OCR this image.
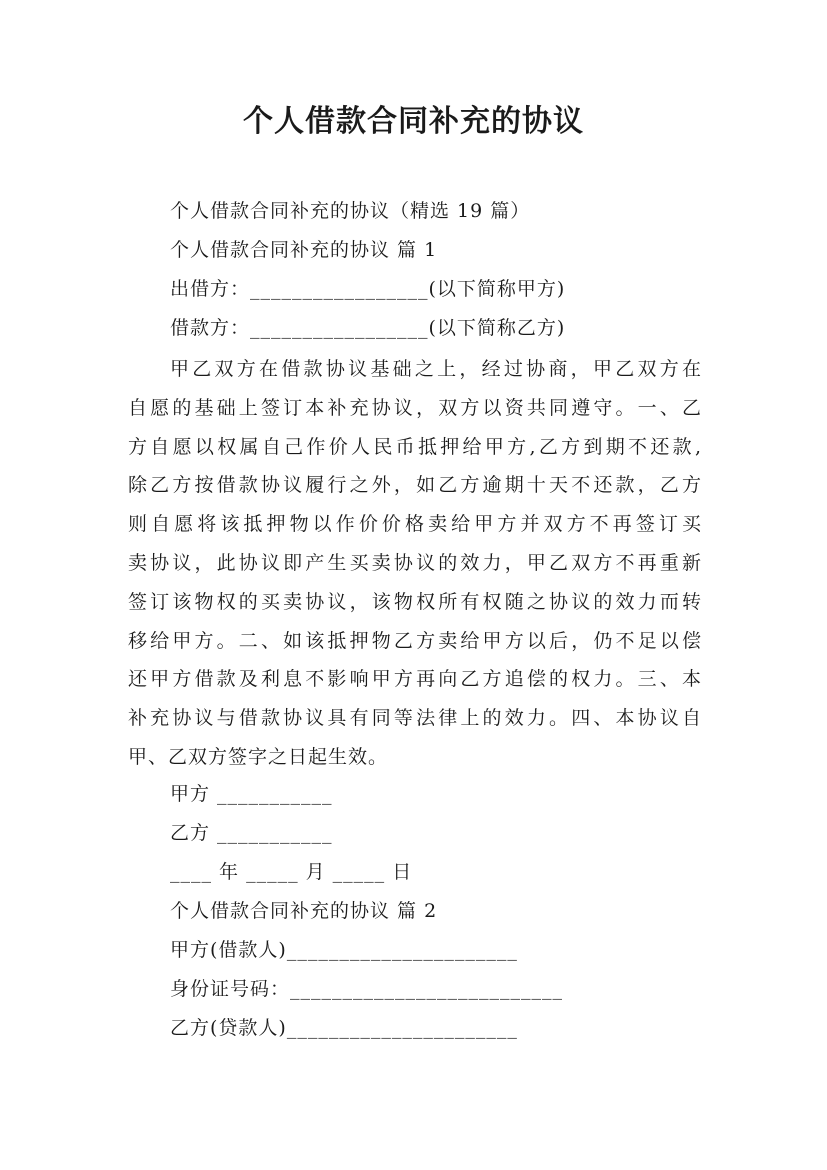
个人借款合同补充的协议
个人借款合同补充的协议（精选 19 篇）
个人借款合同补充的协议 篇 1
出借方：_________________(以下简称甲方)
借款方：_________________(以下简称乙方)
甲乙双方在借款协议基础之上，经过协商，甲乙双方在
自愿的基础上签订本补充协议，双方以资共同遵守。一、乙
方自愿以权属自己作价人民币抵押给甲方,乙方到期不还款,
除乙方按借款协议履行之外，如乙方逾期十天不还款，乙方
则自愿将该抵押物以作价价格卖给甲方并双方不再签订买
卖协议，此协议即产生买卖协议的效力，甲乙双方不再重新
签订该物权的买卖协议，该物权所有权随之协议的效力而转
移给甲方。二、如该抵押物乙方卖给甲方以后，仍不足以偿
还甲方借款及利息不影响甲方再向乙方追偿的权力。三、本
补充协议与借款协议具有同等法律上的效力。四、本协议自
甲、乙双方签字之日起生效。
甲方 ___________
乙方 ___________
____ 年 _____ 月 _____ 日
个人借款合同补充的协议 篇 2
甲方(借款人)______________________
身份证号码：__________________________
乙方(贷款人)______________________
